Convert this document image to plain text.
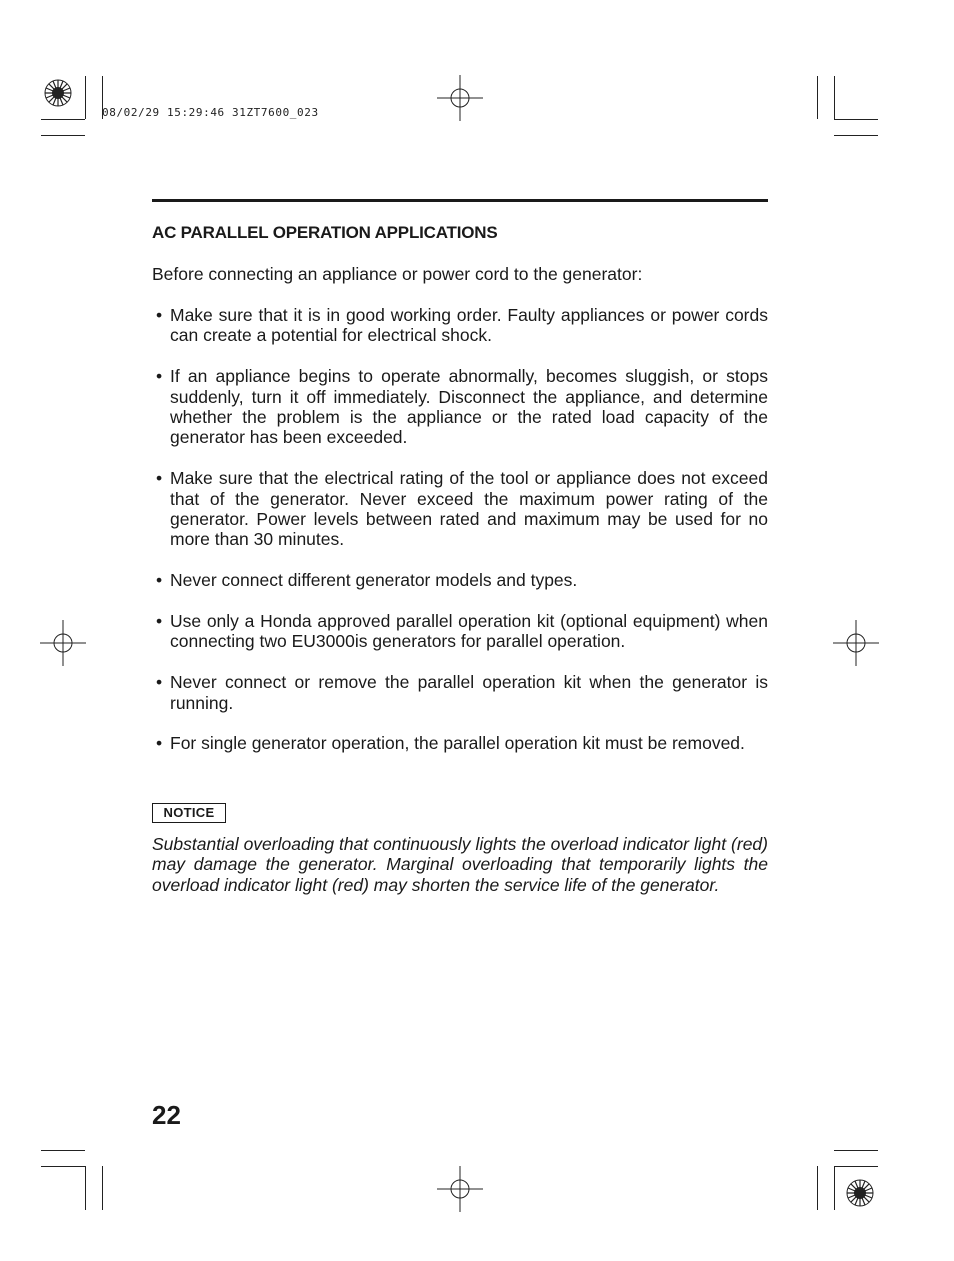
08/02/29 15:29:46 31ZT7600_023
AC PARALLEL OPERATION APPLICATIONS
Before connecting an appliance or power cord to the generator:
• Make sure that it is in good working order. Faulty appliances or power cords can create a potential for electrical shock.
• If an appliance begins to operate abnormally, becomes sluggish, or stops suddenly, turn it off immediately. Disconnect the appliance, and determine whether the problem is the appliance or the rated load capacity of the generator has been exceeded.
• Make sure that the electrical rating of the tool or appliance does not exceed that of the generator. Never exceed the maximum power rating of the generator. Power levels between rated and maximum may be used for no more than 30 minutes.
• Never connect different generator models and types.
• Use only a Honda approved parallel operation kit (optional equipment) when connecting two EU3000is generators for parallel operation.
• Never connect or remove the parallel operation kit when the generator is running.
• For single generator operation, the parallel operation kit must be removed.
NOTICE
Substantial overloading that continuously lights the overload indicator light (red) may damage the generator. Marginal overloading that temporarily lights the overload indicator light (red) may shorten the service life of the generator.
22
